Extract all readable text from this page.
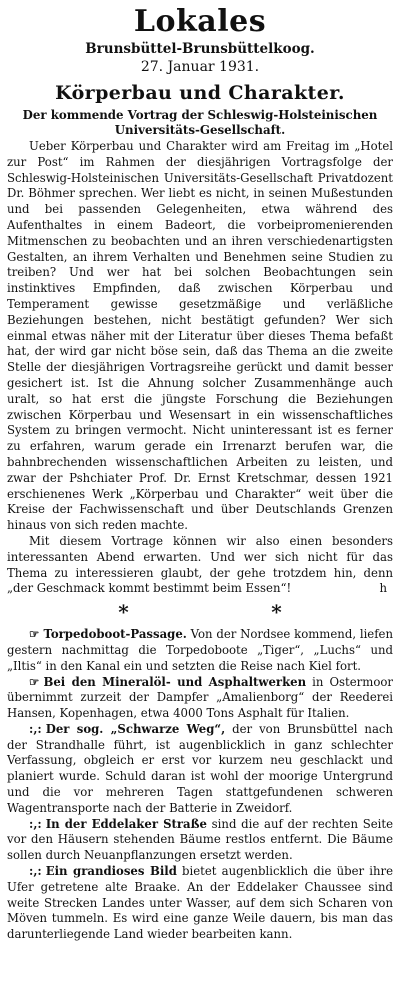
Lokales
Brunsbüttel-Brunsbüttelkoog.
27. Januar 1931.
Körperbau und Charakter.
Der kommende Vortrag der Schleswig-Holsteinischen Universitäts-Gesellschaft.
Ueber Körperbau und Charakter wird am Freitag im „Hotel zur Post“ im Rahmen der diesjährigen Vortragsfolge der Schleswig-Holsteinischen Universitäts-Gesellschaft Privatdozent Dr. Böhmer sprechen. Wer liebt es nicht, in seinen Mußestunden und bei passenden Gelegenheiten, etwa während des Aufenthaltes in einem Badeort, die vorbeipromenierenden Mitmenschen zu beobachten und an ihren verschiedenartigsten Gestalten, an ihrem Verhalten und Benehmen seine Studien zu treiben? Und wer hat bei solchen Beobachtungen sein instinktives Empfinden, daß zwischen Körperbau und Temperament gewisse gesetzmäßige und verläßliche Beziehungen bestehen, nicht bestätigt gefunden? Wer sich einmal etwas näher mit der Literatur über dieses Thema befaßt hat, der wird gar nicht böse sein, daß das Thema an die zweite Stelle der diesjährigen Vortragsreihe gerückt und damit besser gesichert ist. Ist die Ahnung solcher Zusammenhänge auch uralt, so hat erst die jüngste Forschung die Beziehungen zwischen Körperbau und Wesensart in ein wissenschaftliches System zu bringen vermocht. Nicht uninteressant ist es ferner zu erfahren, warum gerade ein Irrenarzt berufen war, die bahnbrechenden wissenschaftlichen Arbeiten zu leisten, und zwar der Pshchiater Prof. Dr. Ernst Kretschmar, dessen 1921 erschienenes Werk „Körperbau und Charakter“ weit über die Kreise der Fachwissenschaft und über Deutschlands Grenzen hinaus von sich reden machte.
Mit diesem Vortrage können wir also einen besonders interessanten Abend erwarten. Und wer sich nicht für das Thema zu interessieren glaubt, der gehe trotzdem hin, denn „der Geschmack kommt bestimmt beim Essen“!	h
*	*
☞ Torpedoboot-Passage. Von der Nordsee kommend, liefen gestern nachmittag die Torpedoboote „Tiger“, „Luchs“ und „Iltis“ in den Kanal ein und setzten die Reise nach Kiel fort.
☞ Bei den Mineralöl- und Asphaltwerken in Ostermoor übernimmt zurzeit der Dampfer „Amalienborg“ der Reederei Hansen, Kopenhagen, etwa 4000 Tons Asphalt für Italien.
:,: Der sog. „Schwarze Weg“, der von Brunsbüttel nach der Strandhalle führt, ist augenblicklich in ganz schlechter Verfassung, obgleich er erst vor kurzem neu geschlackt und planiert wurde. Schuld daran ist wohl der moorige Untergrund und die vor mehreren Tagen stattgefundenen schweren Wagentransporte nach der Batterie in Zweidorf.
:,: In der Eddelaker Straße sind die auf der rechten Seite vor den Häusern stehenden Bäume restlos entfernt. Die Bäume sollen durch Neuanpflanzungen ersetzt werden.
:,: Ein grandioses Bild bietet augenblicklich die über ihre Ufer getretene alte Braake. An der Eddelaker Chaussee sind weite Strecken Landes unter Wasser, auf dem sich Scharen von Möven tummeln. Es wird eine ganze Weile dauern, bis man das darunterliegende Land wieder bearbeiten kann.
